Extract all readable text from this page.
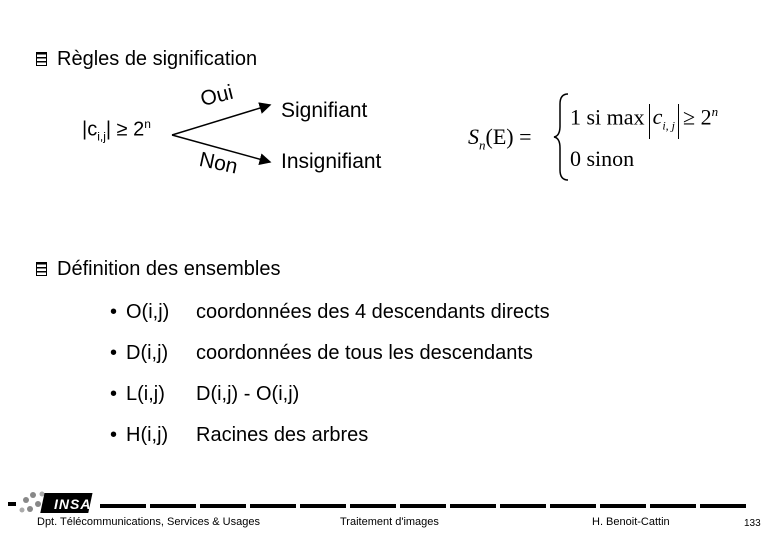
Règles de signification
$|c_{i,j}| \ge 2^n$
Oui
Non
Signifiant
Insignifiant
$S_n(E)$ =
1 si $\max c_{i, j} \ge 2^n$
0 sinon
Définition des ensembles
• O(i,j) coordonnées des 4 descendants directs
• D(i,j) coordonnées de tous les descendants
• L(i,j) D(i,j) - O(i,j)
• H(i,j) Racines des arbres
INSA
Dpt. Télécommunications, Services & Usages	Traitement d'images	H. Benoit-Cattin	133
